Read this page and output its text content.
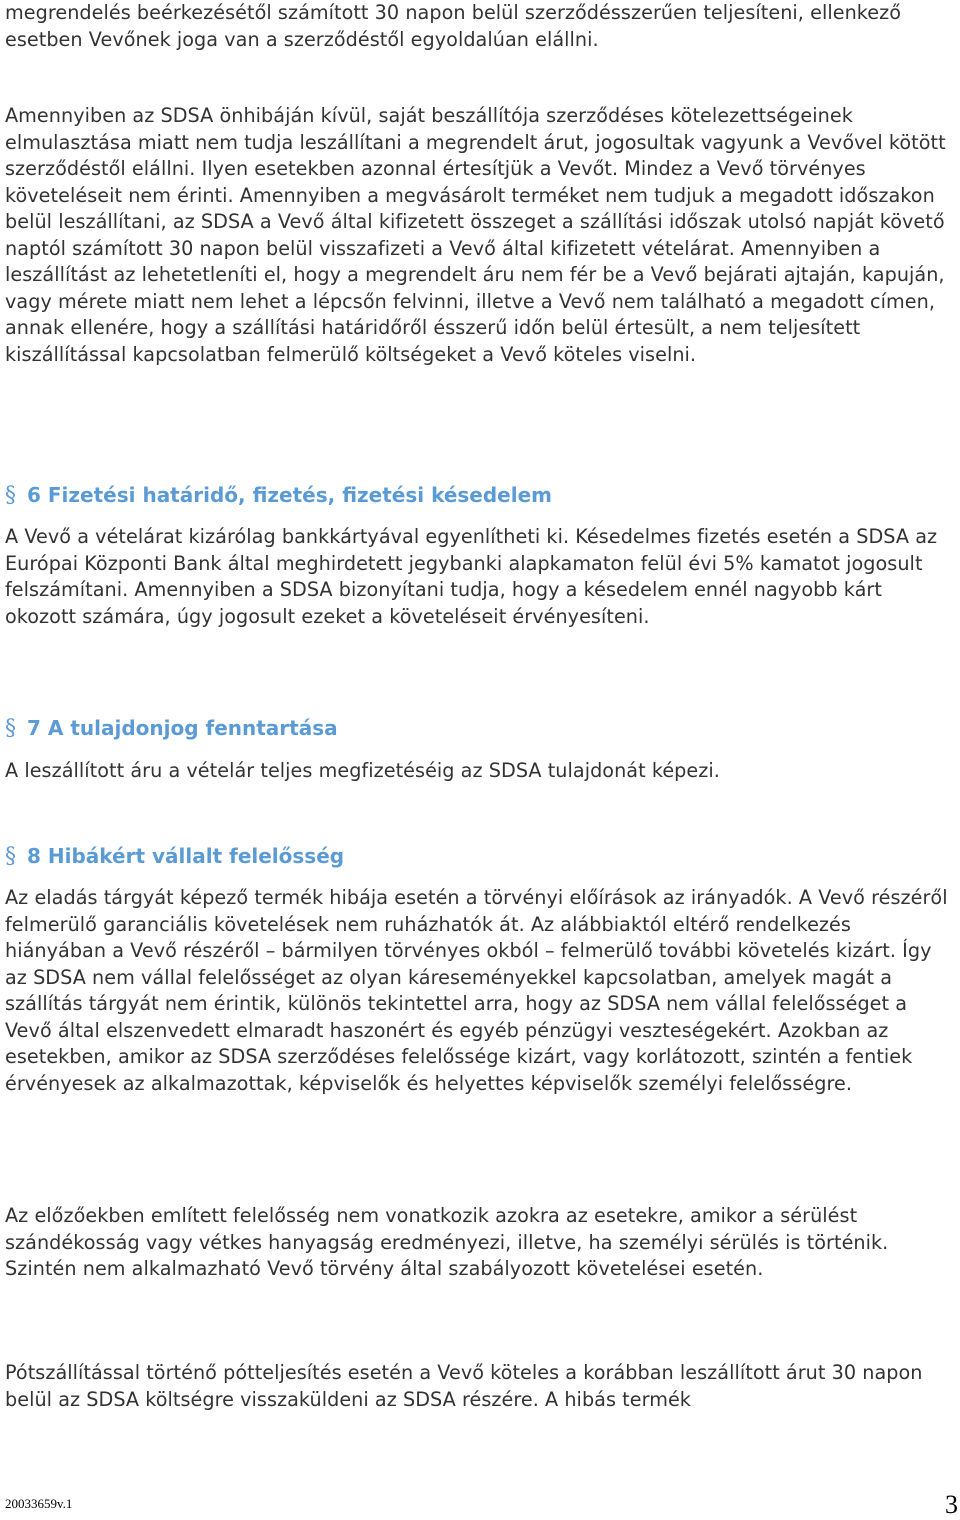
megrendelés beérkezésétől számított 30 napon belül szerződésszerűen teljesíteni, ellenkező esetben Vevőnek joga van a szerződéstől egyoldalúan elállni.

Amennyiben az SDSA önhibáján kívül, saját beszállítója szerződéses kötelezettségeinek elmulasztása miatt nem tudja leszállítani a megrendelt árut, jogosultak vagyunk a Vevővel kötött szerződéstől elállni. Ilyen esetekben azonnal értesítjük a Vevőt. Mindez a Vevő törvényes követeléseit nem érinti. Amennyiben a megvásárolt terméket nem tudjuk a megadott időszakon belül leszállítani, az SDSA a Vevő által kifizetett összeget a szállítási időszak utolsó napját követő naptól számított 30 napon belül visszafizeti a Vevő által kifizetett vételárat. Amennyiben a leszállítást az lehetetleníti el, hogy a megrendelt áru nem fér be a Vevő bejárati ajtaján, kapuján, vagy mérete miatt nem lehet a lépcsőn felvinni, illetve a Vevő nem található a megadott címen, annak ellenére, hogy a szállítási határidőről ésszerű időn belül értesült, a nem teljesített kiszállítással kapcsolatban felmerülő költségeket a Vevő köteles viselni.

§ 6 Fizetési határidő, fizetés, fizetési késedelem

A Vevő a vételárat kizárólag bankkártyával egyenlítheti ki. Késedelmes fizetés esetén a SDSA az Európai Központi Bank által meghirdetett jegybanki alapkamaton felül évi 5% kamatot jogosult felszámítani. Amennyiben a SDSA bizonyítani tudja, hogy a késedelem ennél nagyobb kárt okozott számára, úgy jogosult ezeket a követeléseit érvényesíteni.

§ 7 A tulajdonjog fenntartása

A leszállított áru a vételár teljes megfizetéséig az SDSA tulajdonát képezi.

§ 8 Hibákért vállalt felelősség

Az eladás tárgyát képező termék hibája esetén a törvényi előírások az irányadók. A Vevő részéről felmerülő garanciális követelések nem ruházhatók át. Az alábbiaktól eltérő rendelkezés hiányában a Vevő részéről – bármilyen törvényes okból – felmerülő további követelés kizárt. Így az SDSA nem vállal felelősséget az olyan káreseményekkel kapcsolatban, amelyek magát a szállítás tárgyát nem érintik, különös tekintettel arra, hogy az SDSA nem vállal felelősséget a Vevő által elszenvedett elmaradt haszonért és egyéb pénzügyi veszteségekért. Azokban az esetekben, amikor az SDSA szerződéses felelőssége kizárt, vagy korlátozott, szintén a fentiek érvényesek az alkalmazottak, képviselők és helyettes képviselők személyi felelősségre.

Az előzőekben említett felelősség nem vonatkozik azokra az esetekre, amikor a sérülést szándékosság vagy vétkes hanyagság eredményezi, illetve, ha személyi sérülés is történik. Szintén nem alkalmazható Vevő törvény által szabályozott követelései esetén.

Pótszállítással történő pótteljesítés esetén a Vevő köteles a korábban leszállított árut 30 napon belül az SDSA költségre visszaküldeni az SDSA részére. A hibás termék

20033659v.1	3
